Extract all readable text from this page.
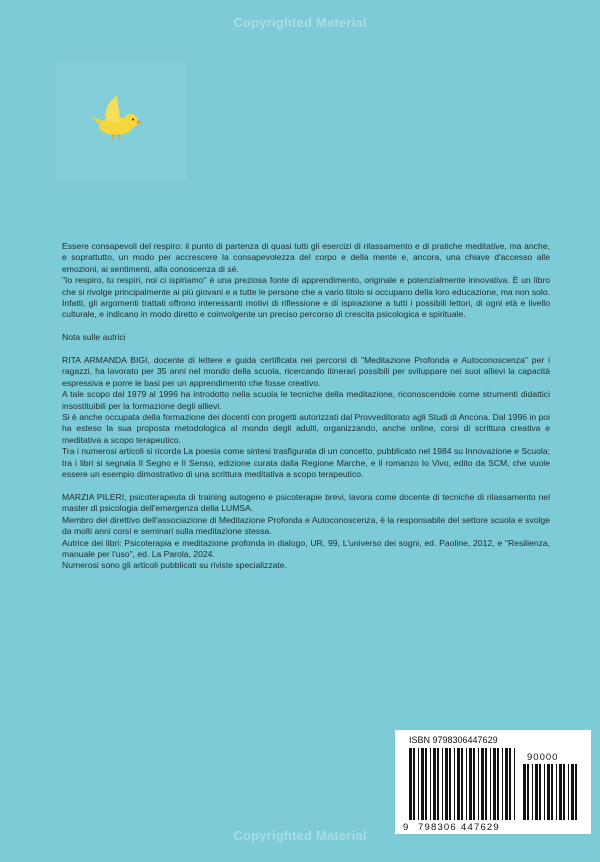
Copyrighted Material

Essere consapevoli del respiro: il punto di partenza di quasi tutti gli esercizi di rilassamento e di pratiche meditative, ma anche, e soprattutto, un modo per accrescere la consapevolezza del corpo e della mente e, ancora, una chiave d'accesso alle emozioni, ai sentimenti, alla conoscenza di sé.

"Io respiro, tu respiri, noi ci ispiriamo" è una preziosa fonte di apprendimento, originale e potenzialmente innovativa. È un libro che si rivolge principalmente ai più giovani e a tutte le persone che a vario titolo si occupano della loro educazione, ma non solo. Infatti, gli argomenti trattati offrono interessanti motivi di riflessione e di ispirazione a tutti i possibili lettori, di ogni età e livello culturale, e indicano in modo diretto e coinvolgente un preciso percorso di crescita psicologica e spirituale.

Nota sulle autrici

RITA ARMANDA BIGI, docente di lettere e guida certificata nei percorsi di "Meditazione Profonda e Autoconoscenza" per i ragazzi, ha lavorato per 35 anni nel mondo della scuola, ricercando itinerari possibili per sviluppare nei suoi allievi la capacità espressiva e porre le basi per un apprendimento che fosse creativo.

A tale scopo dal 1979 al 1996 ha introdotto nella scuola le tecniche della meditazione, riconoscendole come strumenti didattici insostituibili per la formazione degli allievi.

Si è anche occupata della formazione dei docenti con progetti autorizzati dal Provveditorato agli Studi di Ancona. Dal 1996 in poi ha esteso la sua proposta metodologica al mondo degli adulti, organizzando, anche online, corsi di scrittura creativa e meditativa a scopo terapeutico.

Tra i numerosi articoli si ricorda La poesia come sintesi trasfigurata di un concetto, pubblicato nel 1984 su Innovazione e Scuola; tra i libri si segnala Il Segno e Il Senso, edizione curata dalla Regione Marche, e il romanzo Io Vivo, edito da SCM, che vuole essere un esempio dimostrativo di una scrittura meditativa a scopo terapeutico.

MARZIA PILERI, psicoterapeuta di training autogeno e psicoterapie brevi, lavora come docente di tecniche di rilassamento nel master di psicologia dell'emergenza della LUMSA.

Membro del direttivo dell'associazione di Meditazione Profonda e Autoconoscenza, è la responsabile del settore scuola e svolge da molti anni corsi e seminari sulla meditazione stessa.

Autrice dei libri: Psicoterapia e meditazione profonda in dialogo, UR, 99, L'universo dei sogni, ed. Paoline, 2012, e "Resilienza, manuale per l'uso", ed. La Parola, 2024.

Numerosi sono gli articoli pubblicati su riviste specializzate.

ISBN 9798306447629
90000
9 798306 447629
Copyrighted Material
